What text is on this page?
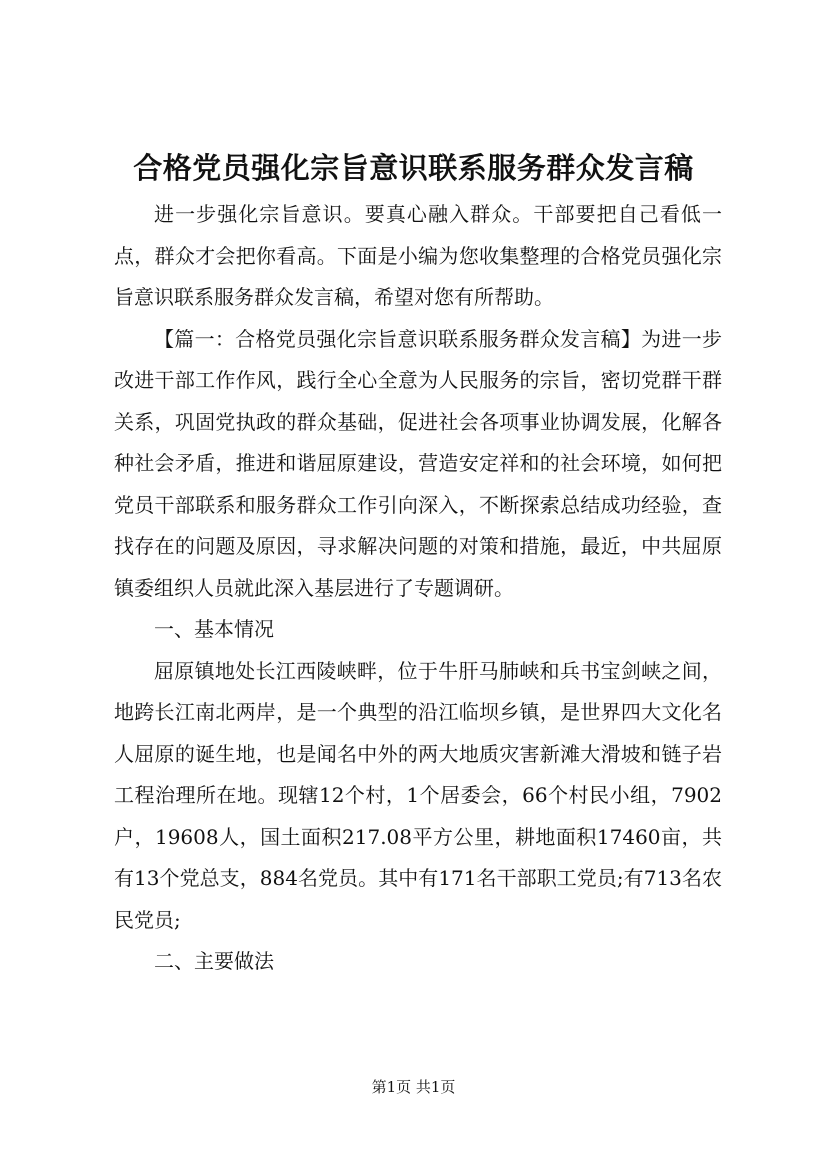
合格党员强化宗旨意识联系服务群众发言稿

进一步强化宗旨意识。要真心融入群众。干部要把自己看低一点，群众才会把你看高。下面是小编为您收集整理的合格党员强化宗旨意识联系服务群众发言稿，希望对您有所帮助。

【篇一：合格党员强化宗旨意识联系服务群众发言稿】为进一步改进干部工作作风，践行全心全意为人民服务的宗旨，密切党群干群关系，巩固党执政的群众基础，促进社会各项事业协调发展，化解各种社会矛盾，推进和谐屈原建设，营造安定祥和的社会环境，如何把党员干部联系和服务群众工作引向深入，不断探索总结成功经验，查找存在的问题及原因，寻求解决问题的对策和措施，最近，中共屈原镇委组织人员就此深入基层进行了专题调研。

一、基本情况

屈原镇地处长江西陵峡畔，位于牛肝马肺峡和兵书宝剑峡之间，地跨长江南北两岸，是一个典型的沿江临坝乡镇，是世界四大文化名人屈原的诞生地，也是闻名中外的两大地质灾害新滩大滑坡和链子岩工程治理所在地。现辖12个村，1个居委会，66个村民小组，7902户，19608人，国土面积217.08平方公里，耕地面积17460亩，共有13个党总支，884名党员。其中有171名干部职工党员;有713名农民党员;

二、主要做法

第1页 共1页
